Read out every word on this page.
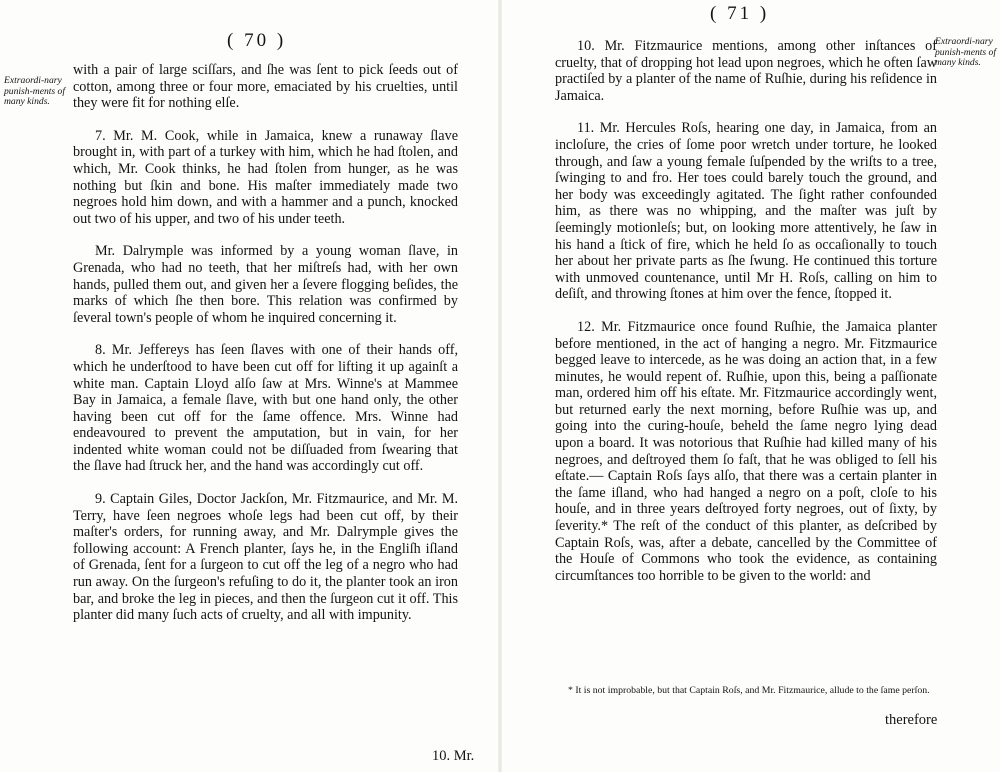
( 70 )

Extraordi-nary punish-ments of many kinds.

with a pair of large sciſſars, and ſhe was ſent to pick ſeeds out of cotton, among three or four more, emaciated by his cruelties, until they were fit for nothing elſe.

7. Mr. M. Cook, while in Jamaica, knew a runaway ſlave brought in, with part of a turkey with him, which he had ſtolen, and which, Mr. Cook thinks, he had ſtolen from hunger, as he was nothing but ſkin and bone. His maſter immediately made two negroes hold him down, and with a hammer and a punch, knocked out two of his upper, and two of his under teeth.

Mr. Dalrymple was informed by a young woman ſlave, in Grenada, who had no teeth, that her miſtreſs had, with her own hands, pulled them out, and given her a ſevere flogging beſides, the marks of which ſhe then bore. This relation was confirmed by ſeveral town's people of whom he inquired concerning it.

8. Mr. Jeffereys has ſeen ſlaves with one of their hands off, which he underſtood to have been cut off for lifting it up againſt a white man. Captain Lloyd alſo ſaw at Mrs. Winne's at Mammee Bay in Jamaica, a female ſlave, with but one hand only, the other having been cut off for the ſame offence. Mrs. Winne had endeavoured to prevent the amputation, but in vain, for her indented white woman could not be diſſuaded from ſwearing that the ſlave had ſtruck her, and the hand was accordingly cut off.

9. Captain Giles, Doctor Jackſon, Mr. Fitzmaurice, and Mr. M. Terry, have ſeen negroes whoſe legs had been cut off, by their maſter's orders, for running away, and Mr. Dalrymple gives the following account: A French planter, ſays he, in the Engliſh iſland of Grenada, ſent for a ſurgeon to cut off the leg of a negro who had run away. On the ſurgeon's refuſing to do it, the planter took an iron bar, and broke the leg in pieces, and then the ſurgeon cut it off. This planter did many ſuch acts of cruelty, and all with impunity.

10. Mr.

( 71 )

10. Mr. Fitzmaurice mentions, among other inſtances of cruelty, that of dropping hot lead upon negroes, which he often ſaw practiſed by a planter of the name of Ruſhie, during his reſidence in Jamaica.

11. Mr. Hercules Roſs, hearing one day, in Jamaica, from an incloſure, the cries of ſome poor wretch under torture, he looked through, and ſaw a young female ſuſpended by the wriſts to a tree, ſwinging to and fro. Her toes could barely touch the ground, and her body was exceedingly agitated. The ſight rather confounded him, as there was no whipping, and the maſter was juſt by ſeemingly motionleſs; but, on looking more attentively, he ſaw in his hand a ſtick of fire, which he held ſo as occaſionally to touch her about her private parts as ſhe ſwung. He continued this torture with unmoved countenance, until Mr H. Roſs, calling on him to deſiſt, and throwing ſtones at him over the fence, ſtopped it.

12. Mr. Fitzmaurice once found Ruſhie, the Jamaica planter before mentioned, in the act of hanging a negro. Mr. Fitzmaurice begged leave to intercede, as he was doing an action that, in a few minutes, he would repent of. Ruſhie, upon this, being a paſſionate man, ordered him off his eſtate. Mr. Fitzmaurice accordingly went, but returned early the next morning, before Ruſhie was up, and going into the curing-houſe, beheld the ſame negro lying dead upon a board. It was notorious that Ruſhie had killed many of his negroes, and deſtroyed them ſo faſt, that he was obliged to ſell his eſtate.— Captain Roſs ſays alſo, that there was a certain planter in the ſame iſland, who had hanged a negro on a poſt, cloſe to his houſe, and in three years deſtroyed forty negroes, out of ſixty, by ſeverity.* The reſt of the conduct of this planter, as deſcribed by Captain Roſs, was, after a debate, cancelled by the Committee of the Houſe of Commons who took the evidence, as containing circumſtances too horrible to be given to the world: and

* It is not improbable, but that Captain Roſs, and Mr. Fitzmaurice, allude to the ſame perſon.

therefore

Extraordi-nary punish-ments of many kinds.
